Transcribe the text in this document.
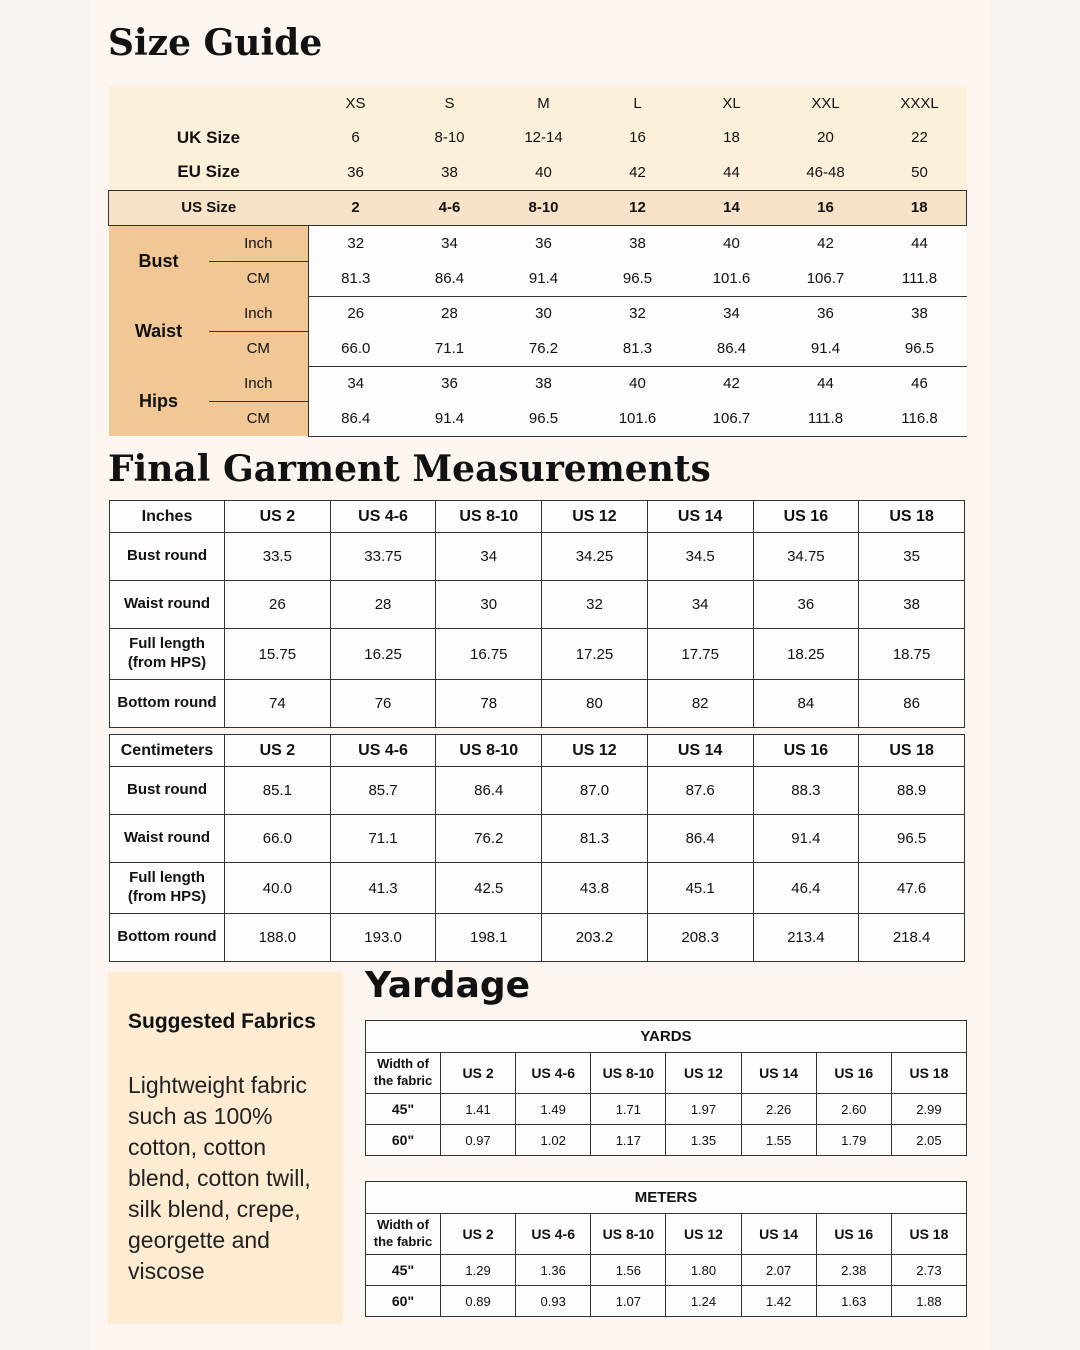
Size Guide
		XS	S	M	L	XL	XXL	XXXL
UK Size		6	8-10	12-14	16	18	20	22
EU Size		36	38	40	42	44	46-48	50
US Size		2	4-6	8-10	12	14	16	18
Bust	Inch	32	34	36	38	40	42	44
	CM	81.3	86.4	91.4	96.5	101.6	106.7	111.8
Waist	Inch	26	28	30	32	34	36	38
	CM	66.0	71.1	76.2	81.3	86.4	91.4	96.5
Hips	Inch	34	36	38	40	42	44	46
	CM	86.4	91.4	96.5	101.6	106.7	111.8	116.8
Final Garment Measurements
Inches	US 2	US 4-6	US 8-10	US 12	US 14	US 16	US 18
Bust round	33.5	33.75	34	34.25	34.5	34.75	35
Waist round	26	28	30	32	34	36	38
Full length
(from HPS)	15.75	16.25	16.75	17.25	17.75	18.25	18.75
Bottom round	74	76	78	80	82	84	86
Centimeters	US 2	US 4-6	US 8-10	US 12	US 14	US 16	US 18
Bust round	85.1	85.7	86.4	87.0	87.6	88.3	88.9
Waist round	66.0	71.1	76.2	81.3	86.4	91.4	96.5
Full length
(from HPS)	40.0	41.3	42.5	43.8	45.1	46.4	47.6
Bottom round	188.0	193.0	198.1	203.2	208.3	213.4	218.4
Suggested Fabrics
Lightweight fabric such as 100% cotton, cotton blend, cotton twill, silk blend, crepe, georgette and viscose
Yardage
YARDS							
Width of
the fabric	US 2	US 4-6	US 8-10	US 12	US 14	US 16	US 18
45"	1.41	1.49	1.71	1.97	2.26	2.60	2.99
60"	0.97	1.02	1.17	1.35	1.55	1.79	2.05
METERS							
Width of
the fabric	US 2	US 4-6	US 8-10	US 12	US 14	US 16	US 18
45"	1.29	1.36	1.56	1.80	2.07	2.38	2.73
60"	0.89	0.93	1.07	1.24	1.42	1.63	1.88
